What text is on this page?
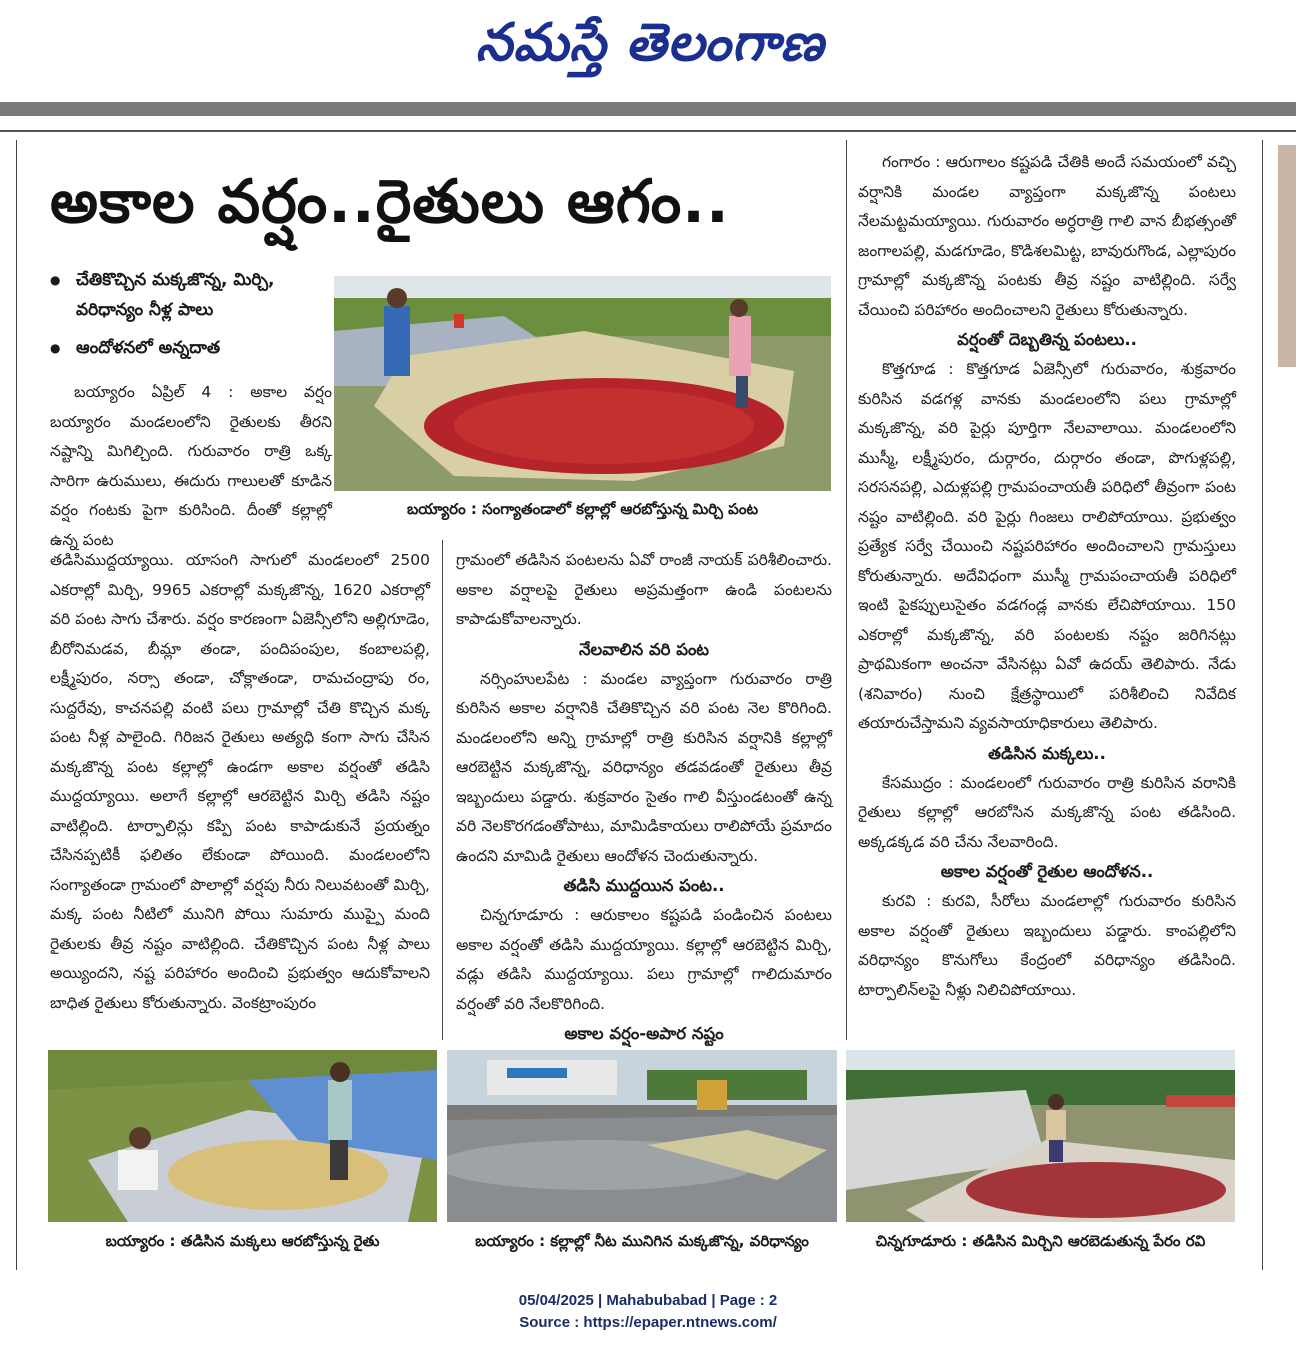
నమస్తే తెలంగాణ
అకాల వర్షం..రైతులు ఆగం..
● చేతికొచ్చిన మక్కజొన్న, మిర్చి, వరిధాన్యం నీళ్ల పాలు
● ఆందోళనలో అన్నదాత
బయ్యారం : సంగ్యాతండాలో కల్లాల్లో ఆరబోస్తున్న మిర్చి పంట

బయ్యారం ఏప్రిల్ 4 : అకాల వర్షం బయ్యారం మండలంలోని రైతులకు తీరని నష్టాన్ని మిగిల్చింది. గురువారం రాత్రి ఒక్క సారిగా ఉరుములు, ఈదురు గాలులతో కూడిన వర్షం గంటకు పైగా కురిసింది. దీంతో కల్లాల్లో ఉన్న పంట

తడిసిముద్దయ్యాయి. యాసంగి సాగులో మండలంలో 2500 ఎకరాల్లో మిర్చి, 9965 ఎకరాల్లో మక్కజొన్న, 1620 ఎకరాల్లో వరి పంట సాగు చేశారు. వర్షం కారణంగా ఏజెన్సీలోని అల్లిగూడెం, బీరోనిమడవ, బీమ్లా తండా, పందిపంపుల, కంబాలపల్లి, లక్ష్మీపురం, నర్సా తండా, చోక్లాతండా, రామచంద్రాపు రం, సుద్దరేవు, కాచనపల్లి వంటి పలు గ్రామాల్లో చేతి కొచ్చిన మక్క పంట నీళ్ల పాలైంది. గిరిజన రైతులు అత్యధి కంగా సాగు చేసిన మక్కజొన్న పంట కల్లాల్లో ఉండగా అకాల వర్షంతో తడిసి ముద్దయ్యాయి. అలాగే కల్లాల్లో ఆరబెట్టిన మిర్చి తడిసి నష్టం వాటిల్లింది. టార్పాలిన్లు కప్పి పంట కాపాడుకునే ప్రయత్నం చేసినప్పటికీ ఫలితం లేకుండా పోయింది. మండలంలోని సంగ్యాతండా గ్రామంలో పొలాల్లో వర్షపు నీరు నిలువటంతో మిర్చి, మక్క పంట నీటిలో మునిగి పోయి సుమారు ముప్పై మంది రైతులకు తీవ్ర నష్టం వాటిల్లింది. చేతికొచ్చిన పంట నీళ్ల పాలు అయ్యిందని, నష్ట పరిహారం అందించి ప్రభుత్వం ఆదుకోవాలని బాధిత రైతులు కోరుతున్నారు. వెంకట్రాంపురం

గ్రామంలో తడిసిన పంటలను ఏవో రాంజీ నాయక్ పరిశీలించారు. అకాల వర్షాలపై రైతులు అప్రమత్తంగా ఉండి పంటలను కాపాడుకోవాలన్నారు.

నేలవాలిన వరి పంట

నర్సింహులపేట : మండల వ్యాప్తంగా గురువారం రాత్రి కురిసిన అకాల వర్షానికి చేతికొచ్చిన వరి పంట నెల కొరిగింది. మండలంలోని అన్ని గ్రామాల్లో రాత్రి కురిసిన వర్షానికి కల్లాల్లో ఆరబెట్టిన మక్కజొన్న, వరిధాన్యం తడవడంతో రైతులు తీవ్ర ఇబ్బందులు పడ్డారు. శుక్రవారం సైతం గాలి వీస్తుండటంతో ఉన్న వరి నెలకొరగడంతోపాటు, మామిడికాయలు రాలిపోయే ప్రమాదం ఉందని మామిడి రైతులు ఆందోళన చెందుతున్నారు.

తడిసి ముద్దయిన పంట..

చిన్నగూడూరు : ఆరుకాలం కష్టపడి పండించిన పంటలు అకాల వర్షంతో తడిసి ముద్దయ్యాయి. కల్లాల్లో ఆరబెట్టిన మిర్చి, వడ్లు తడిసి ముద్దయ్యాయి. పలు గ్రామాల్లో గాలిదుమారం వర్షంతో వరి నేలకొరిగింది.

అకాల వర్షం-అపార నష్టం

గంగారం : ఆరుగాలం కష్టపడి చేతికి అందే సమయంలో వచ్చి వర్షానికి మండల వ్యాప్తంగా మక్కజొన్న పంటలు నేలమట్టమయ్యాయి. గురువారం అర్ధరాత్రి గాలి వాన బీభత్సంతో జంగాలపల్లి, మడగూడెం, కొడిశలమిట్ట, బావురుగొండ, ఎల్లాపురం గ్రామాల్లో మక్కజొన్న పంటకు తీవ్ర నష్టం వాటిల్లింది. సర్వే చేయించి పరిహారం అందించాలని రైతులు కోరుతున్నారు.

వర్షంతో దెబ్బతిన్న పంటలు..

కొత్తగూడ : కొత్తగూడ ఏజెన్సీలో గురువారం, శుక్రవారం కురిసిన వడగళ్ల వానకు మండలంలోని పలు గ్రామాల్లో మక్కజొన్న, వరి పైర్లు పూర్తిగా నేలవాలాయి. మండలంలోని ముస్మీ, లక్ష్మీపురం, దుర్గారం, దుర్గారం తండా, పొగుళ్లపల్లి, సరసనపల్లి, ఎదుళ్లపల్లి గ్రామపంచాయతీ పరిధిలో తీవ్రంగా పంట నష్టం వాటిల్లింది. వరి పైర్లు గింజలు రాలిపోయాయి. ప్రభుత్వం ప్రత్యేక సర్వే చేయించి నష్టపరిహారం అందించాలని గ్రామస్తులు కోరుతున్నారు. అదేవిధంగా ముస్మీ గ్రామపంచాయతీ పరిధిలో ఇంటి పైకప్పులుసైతం వడగండ్ల వానకు లేచిపోయాయి. 150 ఎకరాల్లో మక్కజొన్న, వరి పంటలకు నష్టం జరిగినట్లు ప్రాథమికంగా అంచనా వేసినట్లు ఏవో ఉదయ్ తెలిపారు. నేడు (శనివారం) నుంచి క్షేత్రస్థాయిలో పరిశీలించి నివేదిక తయారుచేస్తామని వ్యవసాయాధికారులు తెలిపారు.

తడిసిన మక్కలు..

కేసముద్రం : మండలంలో గురువారం రాత్రి కురిసిన వరానికి రైతులు కల్లాల్లో ఆరబోసిన మక్కజొన్న పంట తడిసింది. అక్కడక్కడ వరి చేను నేలవారింది.

అకాల వర్షంతో రైతుల ఆందోళన..

కురవి : కురవి, సీరోలు మండలాల్లో గురువారం కురిసిన అకాల వర్షంతో రైతులు ఇబ్బందులు పడ్డారు. కాంపల్లిలోని వరిధాన్యం కొనుగోలు కేంద్రంలో వరిధాన్యం తడిసింది. టార్పాలిన్‌లపై నీళ్లు నిలిచిపోయాయి.

బయ్యారం : తడిసిన మక్కలు ఆరబోస్తున్న రైతు	బయ్యారం : కల్లాల్లో నీట మునిగిన మక్కజొన్న, వరిధాన్యం	చిన్నగూడూరు : తడిసిన మిర్చిని ఆరబెడుతున్న పేరం రవి
05/04/2025 | Mahabubabad | Page : 2
Source : https://epaper.ntnews.com/
